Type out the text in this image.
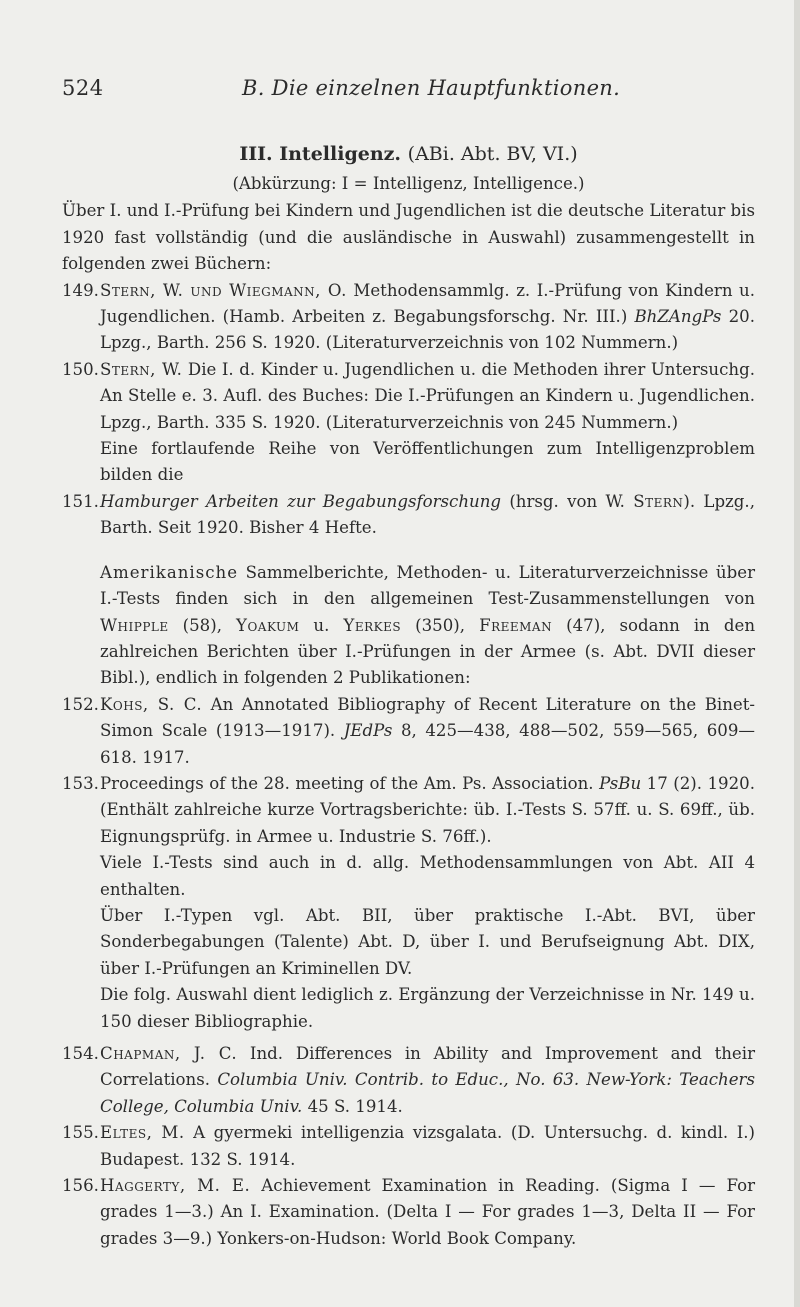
524	B. Die einzelnen Hauptfunktionen.
III. Intelligenz. (ABi. Abt. BV, VI.)
(Abkürzung: I = Intelligenz, Intelligence.)

Über I. und I.-Prüfung bei Kindern und Jugendlichen ist die deutsche Literatur bis 1920 fast vollständig (und die ausländische in Auswahl) zusammengestellt in folgenden zwei Büchern:

149. Stern, W. und Wiegmann, O. Methodensammlg. z. I.-Prüfung von Kindern u. Jugendlichen. (Hamb. Arbeiten z. Begabungsforschg. Nr. III.) BhZAngPs 20. Lpzg., Barth. 256 S. 1920. (Literaturverzeichnis von 102 Nummern.)
150. Stern, W. Die I. d. Kinder u. Jugendlichen u. die Methoden ihrer Untersuchg. An Stelle e. 3. Aufl. des Buches: Die I.-Prüfungen an Kindern u. Jugendlichen. Lpzg., Barth. 335 S. 1920. (Literaturverzeichnis von 245 Nummern.)

Eine fortlaufende Reihe von Veröffentlichungen zum Intelligenzproblem bilden die

151. Hamburger Arbeiten zur Begabungsforschung (hrsg. von W. Stern). Lpzg., Barth. Seit 1920. Bisher 4 Hefte.

Amerikanische Sammelberichte, Methoden- u. Literaturverzeichnisse über I.-Tests finden sich in den allgemeinen Test-Zusammenstellungen von Whipple (58), Yoakum u. Yerkes (350), Freeman (47), sodann in den zahlreichen Berichten über I.-Prüfungen in der Armee (s. Abt. DVII dieser Bibl.), endlich in folgenden 2 Publikationen:

152. Kohs, S. C. An Annotated Bibliography of Recent Literature on the Binet-Simon Scale (1913—1917). JEdPs 8, 425—438, 488—502, 559—565, 609—618. 1917.
153. Proceedings of the 28. meeting of the Am. Ps. Association. PsBu 17 (2). 1920. (Enthält zahlreiche kurze Vortragsberichte: üb. I.-Tests S. 57ff. u. S. 69ff., üb. Eignungsprüfg. in Armee u. Industrie S. 76ff.).

Viele I.-Tests sind auch in d. allg. Methodensammlungen von Abt. AII 4 enthalten.

Über I.-Typen vgl. Abt. BII, über praktische I.-Abt. BVI, über Sonderbegabungen (Talente) Abt. D, über I. und Berufseignung Abt. DIX, über I.-Prüfungen an Kriminellen DV.

Die folg. Auswahl dient lediglich z. Ergänzung der Verzeichnisse in Nr. 149 u. 150 dieser Bibliographie.

154. Chapman, J. C. Ind. Differences in Ability and Improvement and their Correlations. Columbia Univ. Contrib. to Educ., No. 63. New-York: Teachers College, Columbia Univ. 45 S. 1914.
155. Eltes, M. A gyermeki intelligenzia vizsgalata. (D. Untersuchg. d. kindl. I.) Budapest. 132 S. 1914.
156. Haggerty, M. E. Achievement Examination in Reading. (Sigma I — For grades 1—3.) An I. Examination. (Delta I — For grades 1—3, Delta II — For grades 3—9.) Yonkers-on-Hudson: World Book Company.
